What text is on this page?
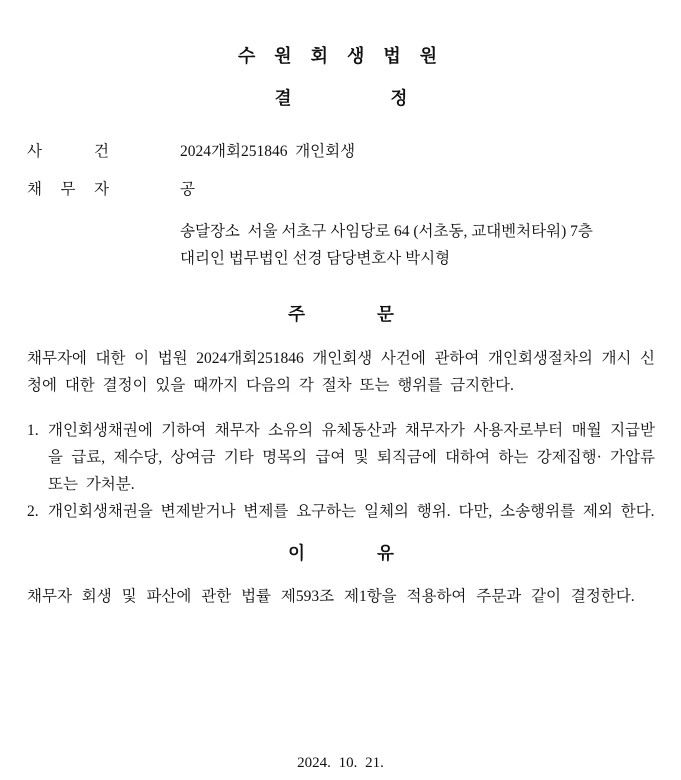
수 원 회 생 법 원
결	정
사	건	2024개회251846  개인회생
채 무 자	공
송달장소  서울 서초구 사임당로 64 (서초동, 교대벤처타워) 7층
대리인 법무법인 선경 담당변호사 박시형
주	문
채무자에 대한 이 법원 2024개회251846 개인회생 사건에 관하여 개인회생절차의 개시 신청에 대한 결정이 있을 때까지 다음의 각 절차 또는 행위를 금지한다.
1. 개인회생채권에 기하여 채무자 소유의 유체동산과 채무자가 사용자로부터 매월 지급받을 급료, 제수당, 상여금 기타 명목의 급여 및 퇴직금에 대하여 하는 강제집행· 가압류 또는 가처분.
2. 개인회생채권을 변제받거나 변제를 요구하는 일체의 행위. 다만, 소송행위를 제외 한다.
이	유
채무자 회생 및 파산에 관한 법률 제593조 제1항을 적용하여 주문과 같이 결정한다.
2024. 10. 21.
